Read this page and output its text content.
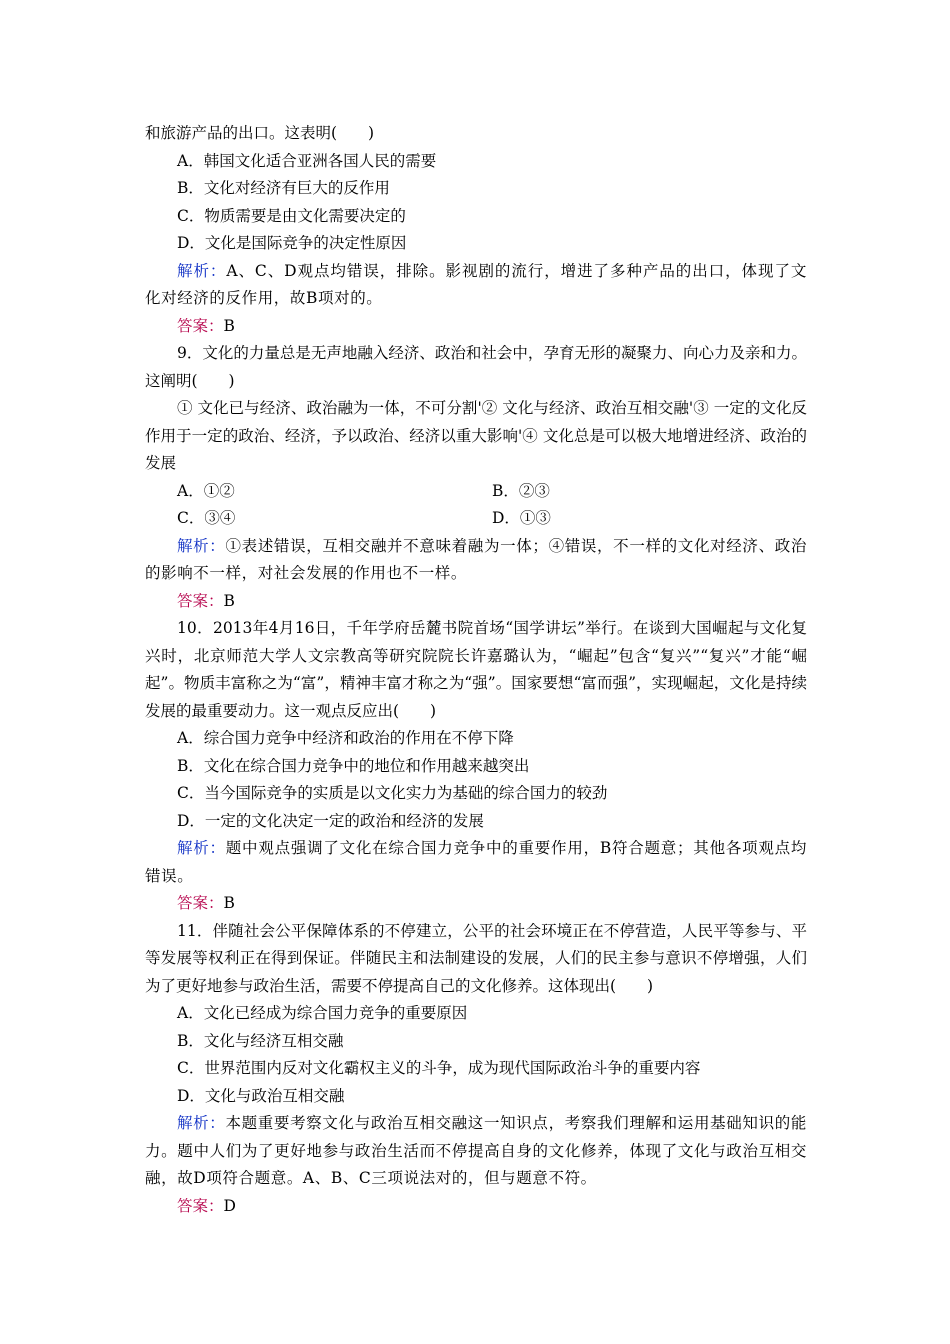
和旅游产品的出口。这表明(　　)

A．韩国文化适合亚洲各国人民的需要

B．文化对经济有巨大的反作用

C．物质需要是由文化需要决定的

D．文化是国际竞争的决定性原因

解析：A、C、D观点均错误，排除。影视剧的流行，增进了多种产品的出口，体现了文化对经济的反作用，故B项对的。

答案：B

9．文化的力量总是无声地融入经济、政治和社会中，孕育无形的凝聚力、向心力及亲和力。这阐明(　　)

① 文化已与经济、政治融为一体，不可分割'② 文化与经济、政治互相交融'③ 一定的文化反作用于一定的政治、经济，予以政治、经济以重大影响'④ 文化总是可以极大地增进经济、政治的发展

A．①②	B．②③
C．③④	D．①③

解析：①表述错误，互相交融并不意味着融为一体；④错误，不一样的文化对经济、政治的影响不一样，对社会发展的作用也不一样。

答案：B

10．2013年4月16日，千年学府岳麓书院首场“国学讲坛”举行。在谈到大国崛起与文化复兴时，北京师范大学人文宗教高等研究院院长许嘉璐认为，“崛起”包含“复兴”“复兴”才能“崛起”。物质丰富称之为“富”，精神丰富才称之为“强”。国家要想“富而强”，实现崛起，文化是持续发展的最重要动力。这一观点反应出(　　)

A．综合国力竞争中经济和政治的作用在不停下降

B．文化在综合国力竞争中的地位和作用越来越突出

C．当今国际竞争的实质是以文化实力为基础的综合国力的较劲

D．一定的文化决定一定的政治和经济的发展

解析：题中观点强调了文化在综合国力竞争中的重要作用，B符合题意；其他各项观点均错误。

答案：B

11．伴随社会公平保障体系的不停建立，公平的社会环境正在不停营造，人民平等参与、平等发展等权利正在得到保证。伴随民主和法制建设的发展，人们的民主参与意识不停增强，人们为了更好地参与政治生活，需要不停提高自己的文化修养。这体现出(　　)

A．文化已经成为综合国力竞争的重要原因

B．文化与经济互相交融

C．世界范围内反对文化霸权主义的斗争，成为现代国际政治斗争的重要内容

D．文化与政治互相交融

解析：本题重要考察文化与政治互相交融这一知识点，考察我们理解和运用基础知识的能力。题中人们为了更好地参与政治生活而不停提高自身的文化修养，体现了文化与政治互相交融，故D项符合题意。A、B、C三项说法对的，但与题意不符。

答案：D
